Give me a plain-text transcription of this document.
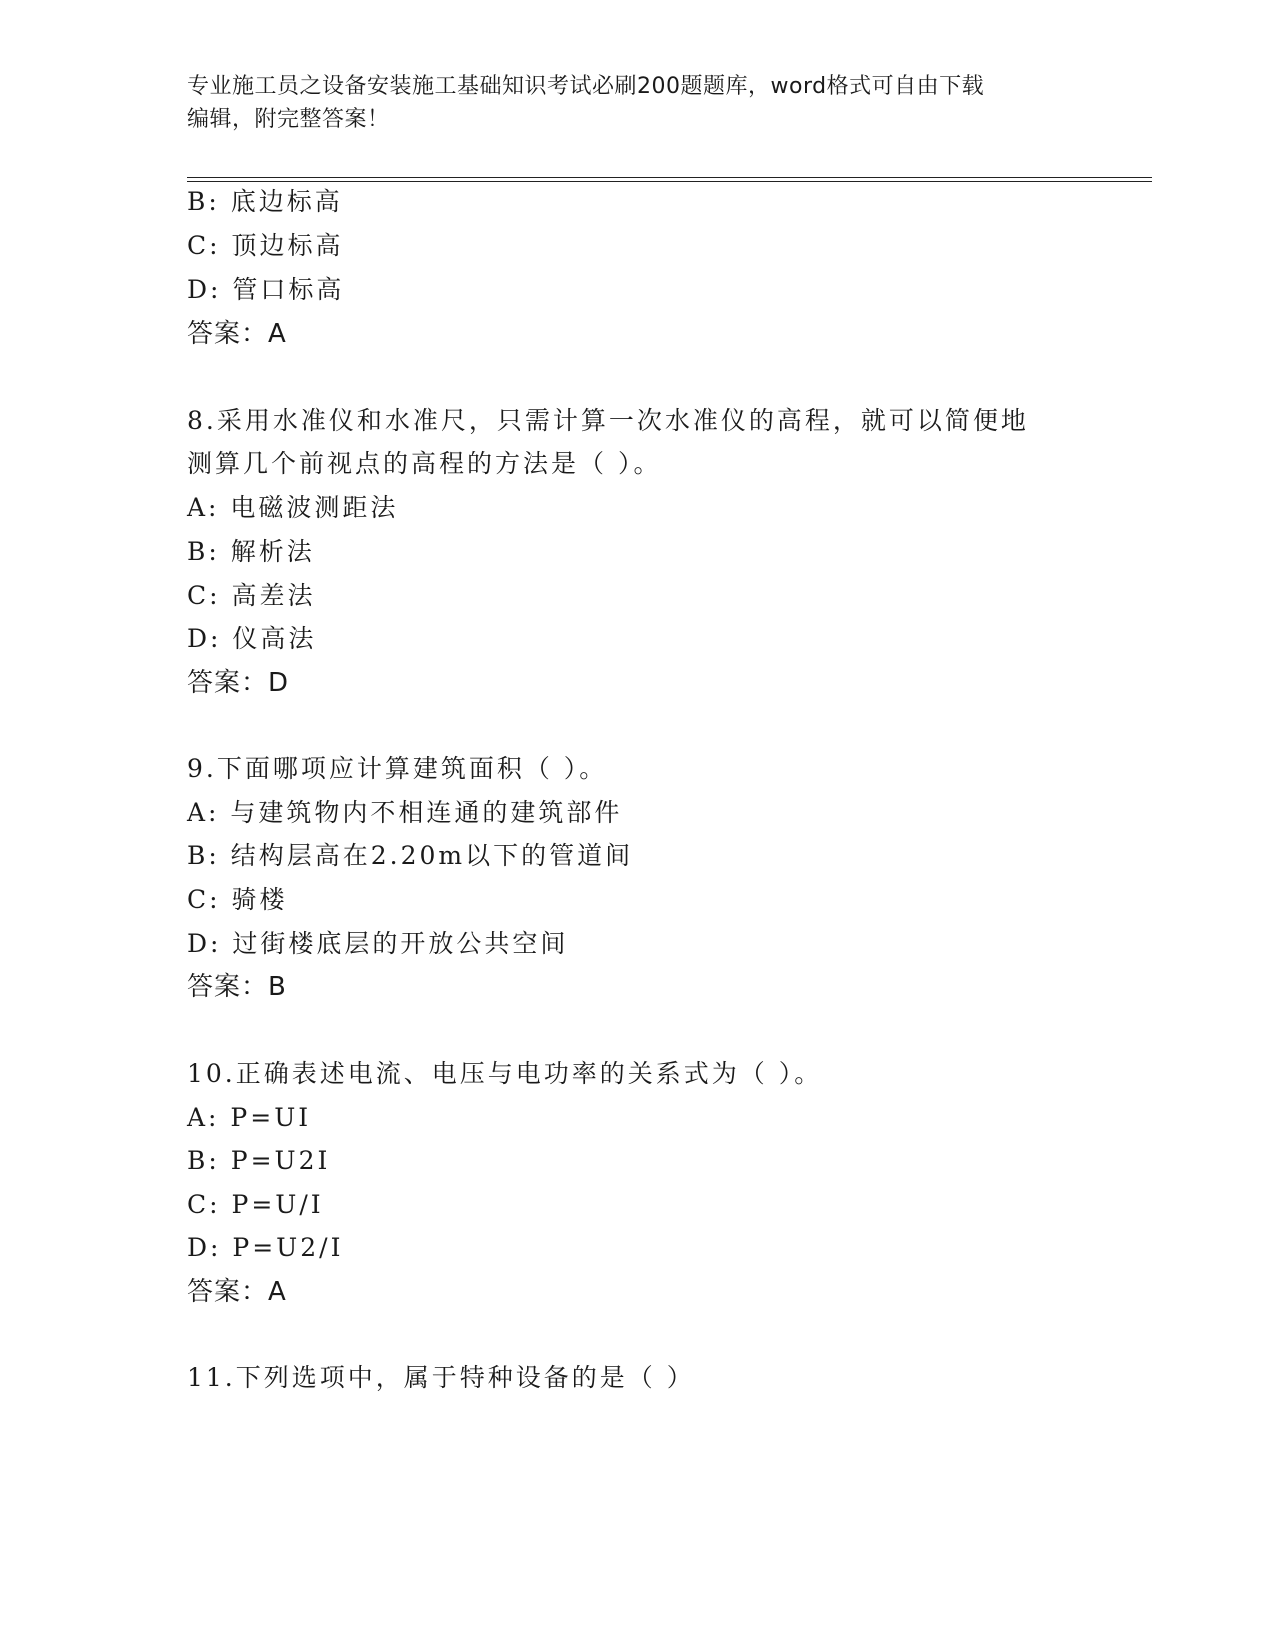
专业施工员之设备安装施工基础知识考试必刷200题题库，word格式可自由下载
编辑，附完整答案！
B: 底边标高
C: 顶边标高
D: 管口标高
答案：A
8.采用水准仪和水准尺，只需计算一次水准仪的高程，就可以简便地
测算几个前视点的高程的方法是（ ）。
A: 电磁波测距法
B: 解析法
C: 高差法
D: 仪高法
答案：D
9.下面哪项应计算建筑面积（ ）。
A: 与建筑物内不相连通的建筑部件
B: 结构层高在2.20m以下的管道间
C: 骑楼
D: 过街楼底层的开放公共空间
答案：B
10.正确表述电流、电压与电功率的关系式为（ ）。
A: P=UI
B: P=U2I
C: P=U/I
D: P=U2/I
答案：A
11.下列选项中，属于特种设备的是（ ）
